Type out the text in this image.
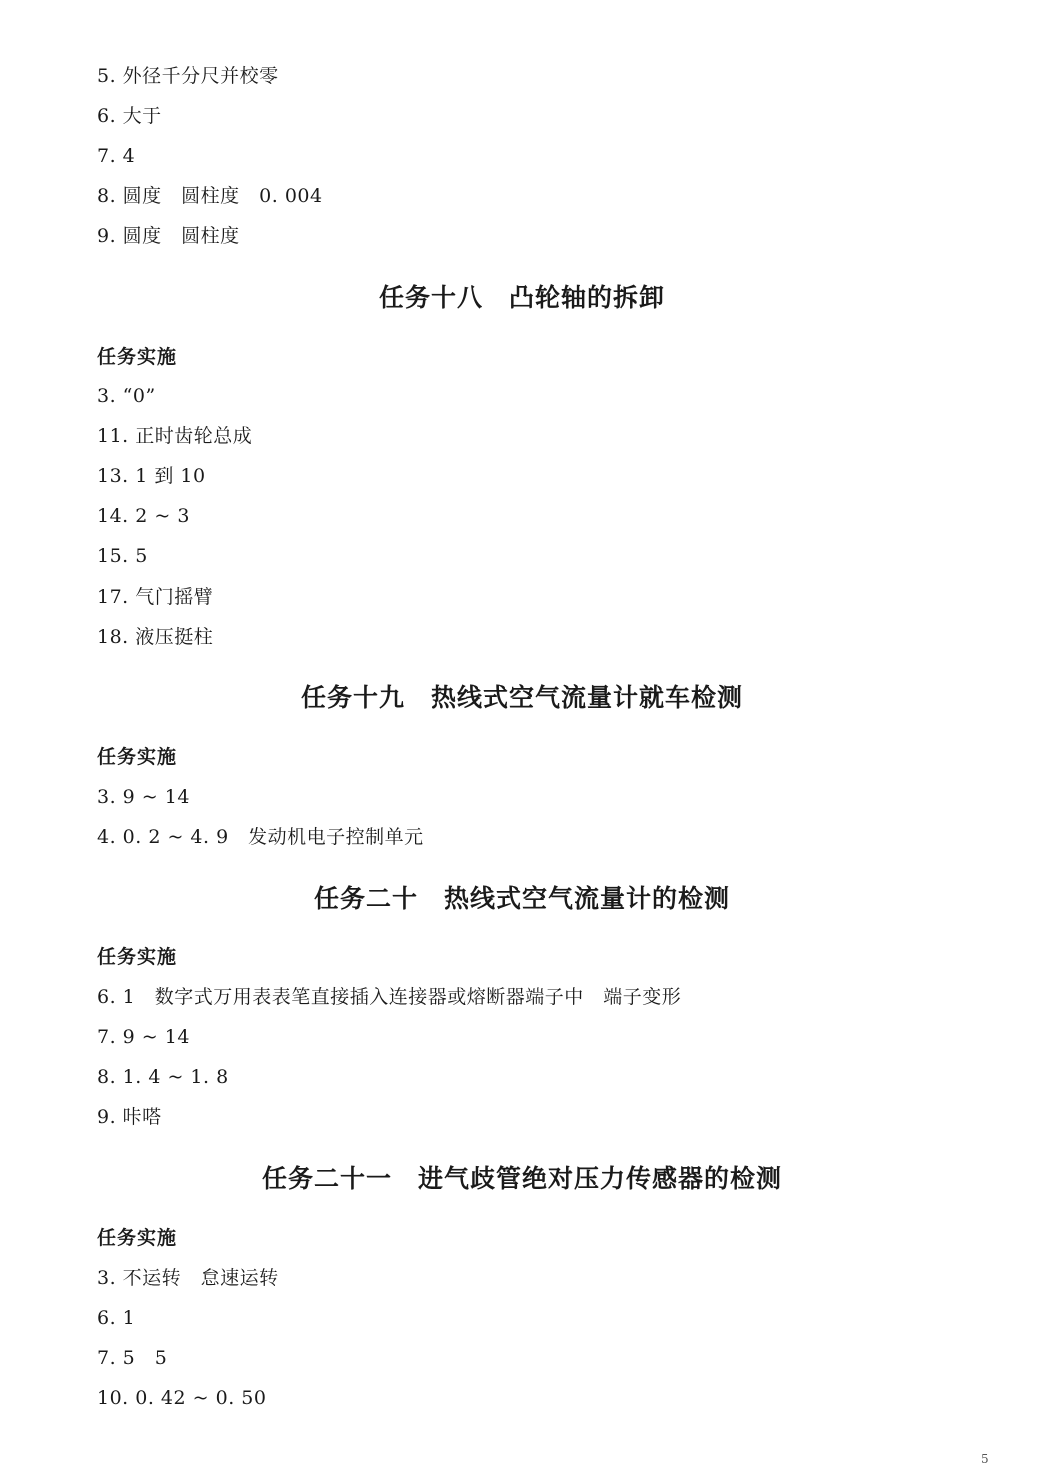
5. 外径千分尺并校零
6. 大于
7. 4
8. 圆度　圆柱度　0. 004
9. 圆度　圆柱度
任务十八　凸轮轴的拆卸
任务实施
3. “0”
11. 正时齿轮总成
13. 1 到 10
14. 2 ~ 3
15. 5
17. 气门摇臂
18. 液压挺柱
任务十九　热线式空气流量计就车检测
任务实施
3. 9 ~ 14
4. 0. 2 ~ 4. 9　发动机电子控制单元
任务二十　热线式空气流量计的检测
任务实施
6. 1　数字式万用表表笔直接插入连接器或熔断器端子中　端子变形
7. 9 ~ 14
8. 1. 4 ~ 1. 8
9. 咔嗒
任务二十一　进气歧管绝对压力传感器的检测
任务实施
3. 不运转　怠速运转
6. 1
7. 5　5
10. 0. 42 ~ 0. 50
5
